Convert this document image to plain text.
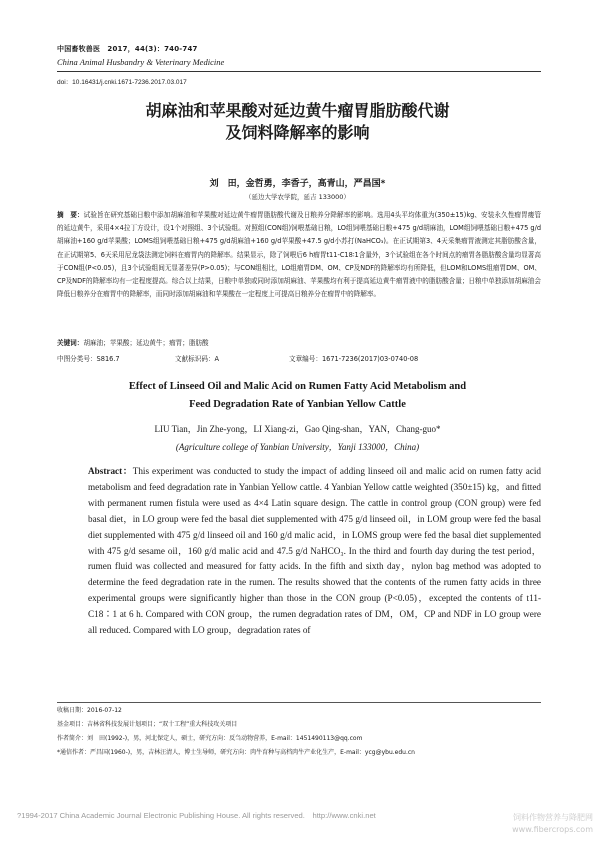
中国畜牧兽医　2017，44(3)：740-747
China Animal Husbandry & Veterinary Medicine
doi：10.16431/j.cnki.1671-7236.2017.03.017
胡麻油和苹果酸对延边黄牛瘤胃脂肪酸代谢
及饲料降解率的影响
刘　田，金哲勇，李香子，高青山，严昌国*
（延边大学农学院，延吉 133000）
摘　要：试验旨在研究基础日粮中添加胡麻油和苹果酸对延边黄牛瘤胃脂肪酸代谢及日粮养分降解率的影响。选用4头平均体重为(350±15)kg、安装永久性瘤胃瘘管的延边黄牛，采用4×4拉丁方设计，设1个对照组、3个试验组。对照组(CON组)饲喂基础日粮，LO组饲喂基础日粮+475 g/d胡麻油，LOM组饲喂基础日粮+475 g/d胡麻油+160 g/d苹果酸；LOMS组饲喂基础日粮+475 g/d胡麻油+160 g/d苹果酸+47.5 g/d小苏打(NaHCO₃)。在正试期第3、4天采集瘤胃液测定其脂肪酸含量，在正试期第5、6天采用尼龙袋法测定饲料在瘤胃内的降解率。结果显示，除了饲喂后6 h瘤胃t11-C18∶1含量外，3个试验组在各个时间点的瘤胃各脂肪酸含量均显著高于CON组(P<0.05)，且3个试验组间无显著差异(P>0.05)；与CON组相比，LO组瘤胃DM、OM、CP及NDF的降解率均有所降低，但LOM和LOMS组瘤胃DM、OM、CP及NDF的降解率均有一定程度提高。综合以上结果，日粮中单独或同时添加胡麻油、苹果酸均有利于提高延边黄牛瘤胃液中的脂肪酸含量；日粮中单独添加胡麻油会降低日粮养分在瘤胃中的降解率，而同时添加胡麻油和苹果酸在一定程度上可提高日粮养分在瘤胃中的降解率。
关键词：胡麻油；苹果酸；延边黄牛；瘤胃；脂肪酸
中图分类号：S816.7	文献标识码：A	文章编号：1671-7236(2017)03-0740-08
Effect of Linseed Oil and Malic Acid on Rumen Fatty Acid Metabolism and
Feed Degradation Rate of Yanbian Yellow Cattle
LIU Tian，Jin Zhe-yong，LI Xiang-zi，Gao Qing-shan，YAN，Chang-guo*
(Agriculture college of Yanbian University，Yanji 133000，China)
Abstract：This experiment was conducted to study the impact of adding linseed oil and malic acid on rumen fatty acid metabolism and feed degradation rate in Yanbian Yellow cattle. 4 Yanbian Yellow cattle weighted (350±15) kg，and fitted with permanent rumen fistula were used as 4×4 Latin square design. The cattle in control group (CON group) were fed basal diet，in LO group were fed the basal diet supplemented with 475 g/d linseed oil，in LOM group were fed the basal diet supplemented with 475 g/d linseed oil and 160 g/d malic acid，in LOMS group were fed the basal diet supplemented with 475 g/d sesame oil，160 g/d malic acid and 47.5 g/d NaHCO₃. In the third and fourth day during the test period，rumen fluid was collected and measured for fatty acids. In the fifth and sixth day，nylon bag method was adopted to determine the feed degradation rate in the rumen. The results showed that the contents of the rumen fatty acids in three experimental groups were significantly higher than those in the CON group (P<0.05)，excepted the contents of t11-C18∶1 at 6 h. Compared with CON group，the rumen degradation rates of DM，OM，CP and NDF in LO group were all reduced. Compared with LO group，degradation rates of
收稿日期：2016-07-12
基金项目：吉林省科技发展计划项目；“双十工程”重大科技攻关项目
作者简介：刘　田(1992-)，男，河北保定人，硕士，研究方向：反刍动物营养，E-mail：1451490113@qq.com
*通信作者：严昌国(1960-)，男，吉林汪清人，博士生导师，研究方向：肉牛育种与高档肉牛产业化生产，E-mail：ycg@ybu.edu.cn
?1994-2017 China Academic Journal Electronic Publishing House. All rights reserved.　http://www.cnki.net	饲料作物营养与降肥网
www.fibercrops.com
